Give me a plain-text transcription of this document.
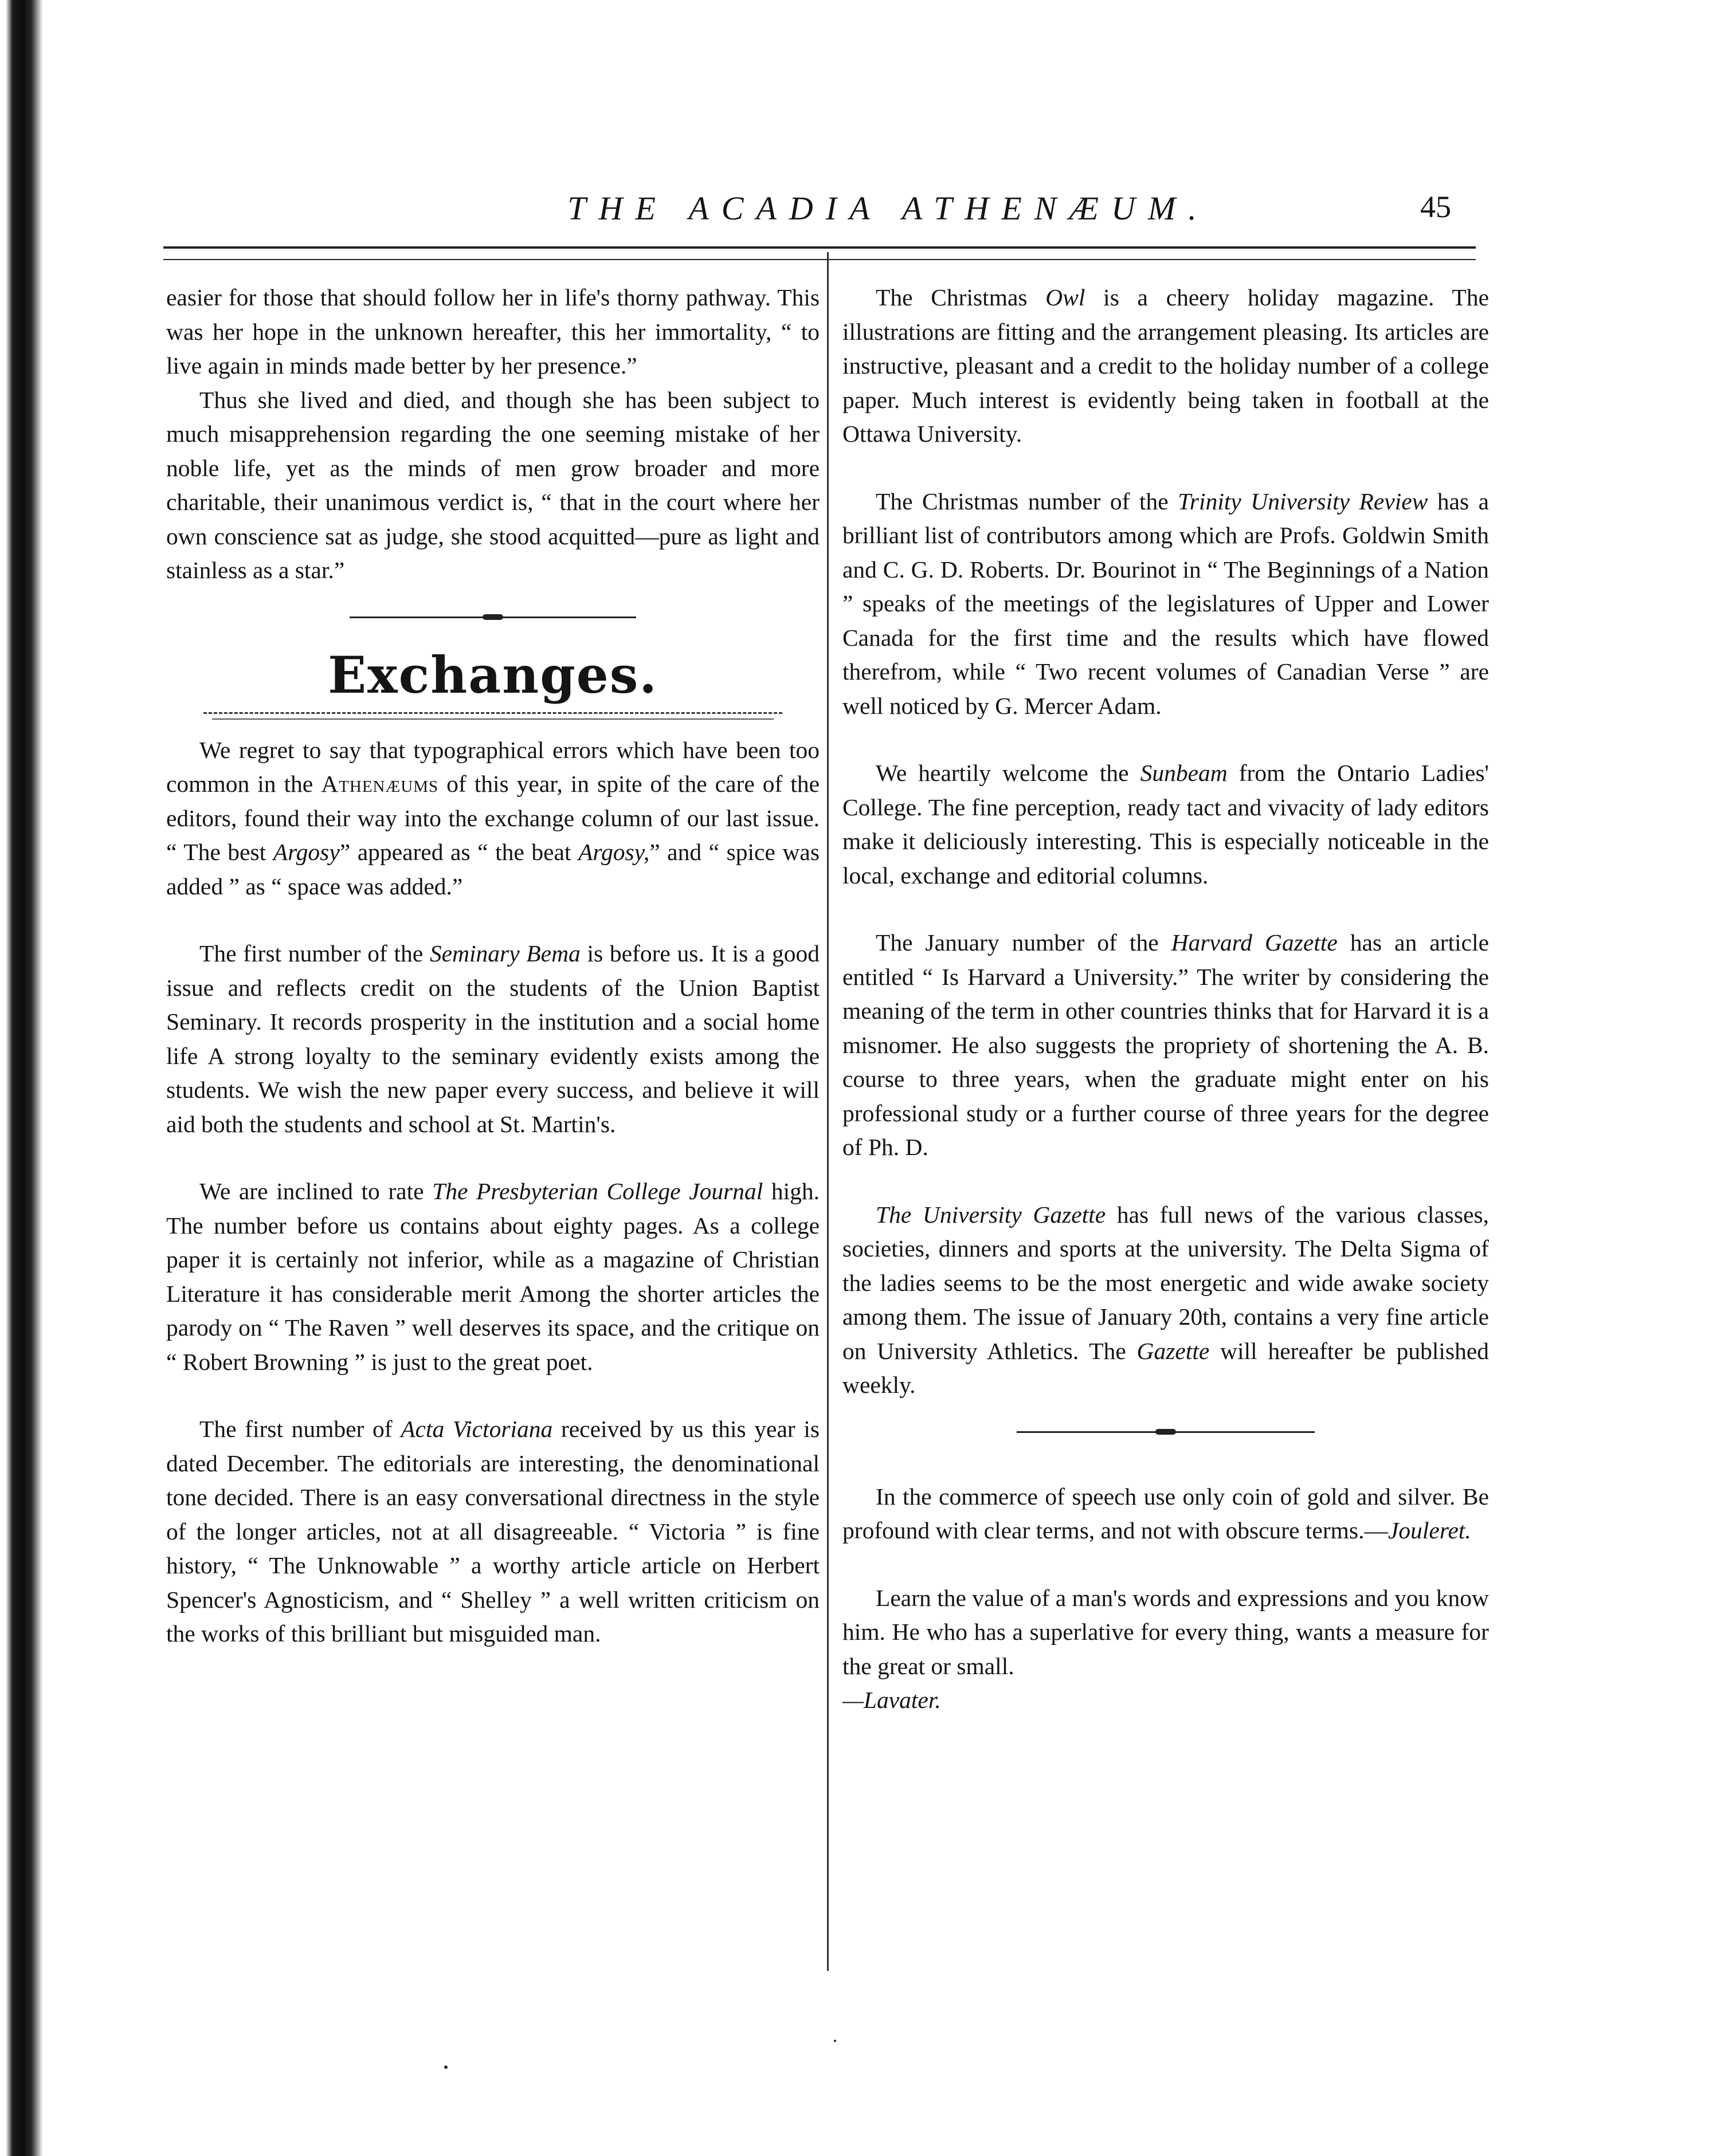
THE ACADIA ATHENÆUM.	45

easier for those that should follow her in life's thorny pathway. This was her hope in the unknown hereafter, this her immortality, “ to live again in minds made better by her presence.”

Thus she lived and died, and though she has been subject to much misapprehension regarding the one seeming mistake of her noble life, yet as the minds of men grow broader and more charitable, their unanimous verdict is, “ that in the court where her own conscience sat as judge, she stood acquitted—pure as light and stainless as a star.”

Exchanges.

We regret to say that typographical errors which have been too common in the Athenæums of this year, in spite of the care of the editors, found their way into the exchange column of our last issue. “ The best Argosy” appeared as “ the beat Argosy,” and “ spice was added ” as “ space was added.”

The first number of the Seminary Bema is before us. It is a good issue and reflects credit on the students of the Union Baptist Seminary. It records prosperity in the institution and a social home life A strong loyalty to the seminary evidently exists among the students. We wish the new paper every success, and believe it will aid both the students and school at St. Martin's.

We are inclined to rate The Presbyterian College Journal high. The number before us contains about eighty pages. As a college paper it is certainly not inferior, while as a magazine of Christian Literature it has considerable merit Among the shorter articles the parody on “ The Raven ” well deserves its space, and the critique on “ Robert Browning ” is just to the great poet.

The first number of Acta Victoriana received by us this year is dated December. The editorials are interesting, the denominational tone decided. There is an easy conversational directness in the style of the longer articles, not at all disagreeable. “ Victoria ” is fine history, “ The Unknowable ” a worthy article article on Herbert Spencer's Agnosticism, and “ Shelley ” a well written criticism on the works of this brilliant but misguided man.

The Christmas Owl is a cheery holiday magazine. The illustrations are fitting and the arrangement pleasing. Its articles are instructive, pleasant and a credit to the holiday number of a college paper. Much interest is evidently being taken in football at the Ottawa University.

The Christmas number of the Trinity University Review has a brilliant list of contributors among which are Profs. Goldwin Smith and C. G. D. Roberts. Dr. Bourinot in “ The Beginnings of a Nation ” speaks of the meetings of the legislatures of Upper and Lower Canada for the first time and the results which have flowed therefrom, while “ Two recent volumes of Canadian Verse ” are well noticed by G. Mercer Adam.

We heartily welcome the Sunbeam from the Ontario Ladies' College. The fine perception, ready tact and vivacity of lady editors make it deliciously interesting. This is especially noticeable in the local, exchange and editorial columns.

The January number of the Harvard Gazette has an article entitled “ Is Harvard a University.” The writer by considering the meaning of the term in other countries thinks that for Harvard it is a misnomer. He also suggests the propriety of shortening the A. B. course to three years, when the graduate might enter on his professional study or a further course of three years for the degree of Ph. D.

The University Gazette has full news of the various classes, societies, dinners and sports at the university. The Delta Sigma of the ladies seems to be the most energetic and wide awake society among them. The issue of January 20th, contains a very fine article on University Athletics. The Gazette will hereafter be published weekly.

In the commerce of speech use only coin of gold and silver. Be profound with clear terms, and not with obscure terms.—Jouleret.

Learn the value of a man's words and expressions and you know him. He who has a superlative for every thing, wants a measure for the great or small.

—Lavater.
